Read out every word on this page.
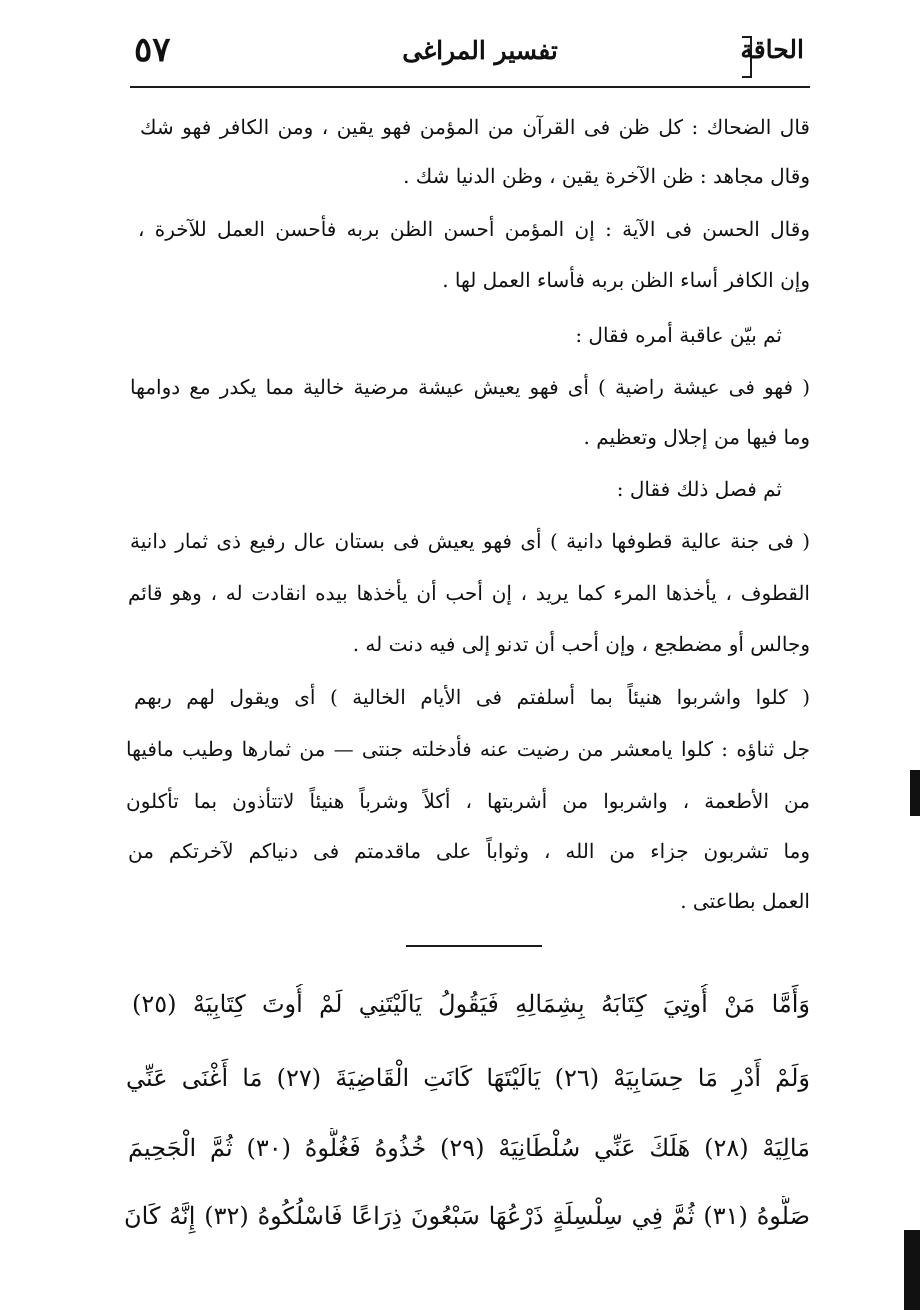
٥٧	تفسير المراغى	الحاقة
قال الضحاك : كل ظن فى القرآن من المؤمن فهو يقين ، ومن الكافر فهو شك
وقال مجاهد : ظن الآخرة يقين ، وظن الدنيا شك .
وقال الحسن فى الآية : إن المؤمن أحسن الظن بربه فأحسن العمل للآخرة ،
وإن الكافر أساء الظن بربه فأساء العمل لها .
ثم بيّن عاقبة أمره فقال :
( فهو فى عيشة راضية ) أى فهو يعيش عيشة مرضية خالية مما يكدر مع دوامها
وما فيها من إجلال وتعظيم .
ثم فصل ذلك فقال :
( فى جنة عالية قطوفها دانية ) أى فهو يعيش فى بستان عال رفيع ذى ثمار دانية
القطوف ، يأخذها المرء كما يريد ، إن أحب أن يأخذها بيده انقادت له ، وهو قائم
وجالس أو مضطجع ، وإن أحب أن تدنو إلى فيه دنت له .
( كلوا واشربوا هنيئاً بما أسلفتم فى الأيام الخالية ) أى ويقول لهم ربهم
جل ثناؤه : كلوا يامعشر من رضيت عنه فأدخلته جنتى — من ثمارها وطيب مافيها
من الأطعمة ، واشربوا من أشربتها ، أكلاً وشرباً هنيئاً لاتتأذون بما تأكلون
وما تشربون جزاء من الله ، وثواباً على ماقدمتم فى دنياكم لآخرتكم من
العمل بطاعتى .
وَأَمَّا مَنْ أُوتِيَ كِتَابَهُ بِشِمَالِهِ فَيَقُولُ يَالَيْتَنِي لَمْ أُوتَ كِتَابِيَهْ (٢٥)
وَلَمْ أَدْرِ مَا حِسَابِيَهْ (٢٦) يَالَيْتَهَا كَانَتِ الْقَاضِيَةَ (٢٧) مَا أَغْنَى عَنِّي
مَالِيَهْ (٢٨) هَلَكَ عَنِّي سُلْطَانِيَهْ (٢٩) خُذُوهُ فَغُلُّوهُ (٣٠) ثُمَّ الْجَحِيمَ
صَلُّوهُ (٣١) ثُمَّ فِي سِلْسِلَةٍ ذَرْعُهَا سَبْعُونَ ذِرَاعًا فَاسْلُكُوهُ (٣٢) إِنَّهُ كَانَ
